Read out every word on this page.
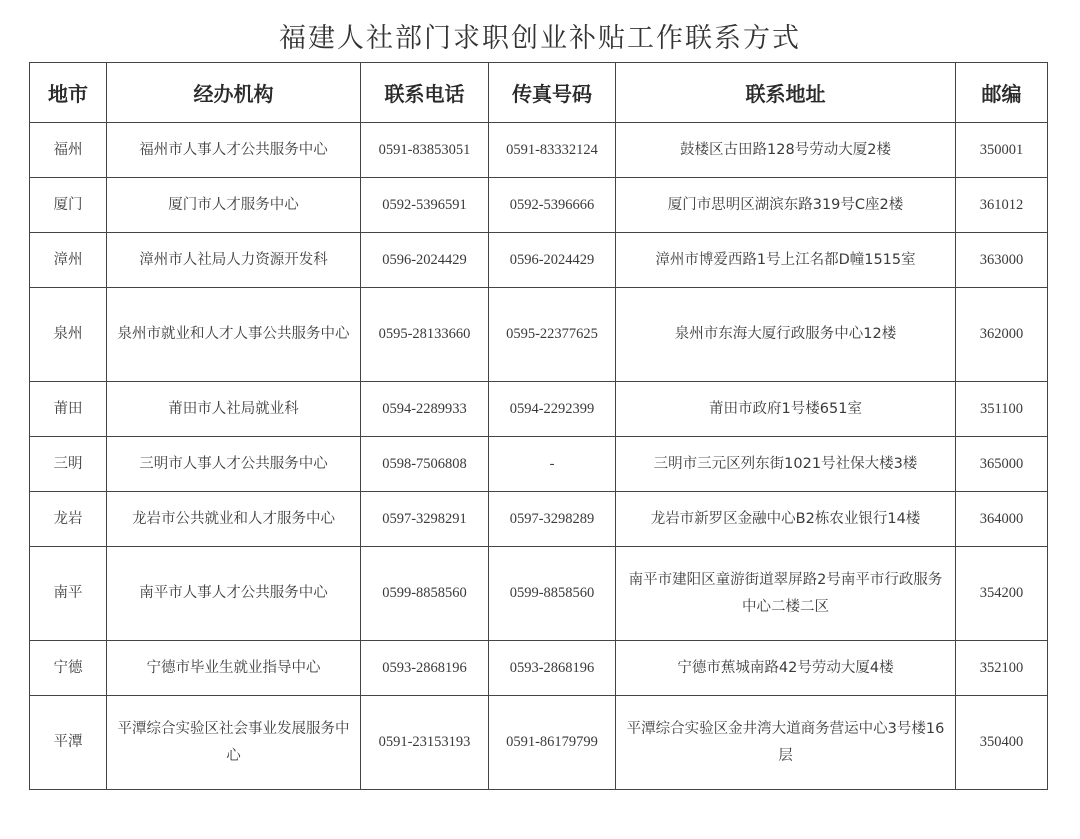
福建人社部门求职创业补贴工作联系方式
地市	经办机构	联系电话	传真号码	联系地址	邮编
福州	福州市人事人才公共服务中心	0591-83853051	0591-83332124	鼓楼区古田路128号劳动大厦2楼	350001
厦门	厦门市人才服务中心	0592-5396591	0592-5396666	厦门市思明区湖滨东路319号C座2楼	361012
漳州	漳州市人社局人力资源开发科	0596-2024429	0596-2024429	漳州市博爱西路1号上江名都D幢1515室	363000
泉州	泉州市就业和人才人事公共服务中心	0595-28133660	0595-22377625	泉州市东海大厦行政服务中心12楼	362000
莆田	莆田市人社局就业科	0594-2289933	0594-2292399	莆田市政府1号楼651室	351100
三明	三明市人事人才公共服务中心	0598-7506808	-	三明市三元区列东街1021号社保大楼3楼	365000
龙岩	龙岩市公共就业和人才服务中心	0597-3298291	0597-3298289	龙岩市新罗区金融中心B2栋农业银行14楼	364000
南平	南平市人事人才公共服务中心	0599-8858560	0599-8858560	南平市建阳区童游街道翠屏路2号南平市行政服务中心二楼二区	354200
宁德	宁德市毕业生就业指导中心	0593-2868196	0593-2868196	宁德市蕉城南路42号劳动大厦4楼	352100
平潭	平潭综合实验区社会事业发展服务中心	0591-23153193	0591-86179799	平潭综合实验区金井湾大道商务营运中心3号楼16层	350400
